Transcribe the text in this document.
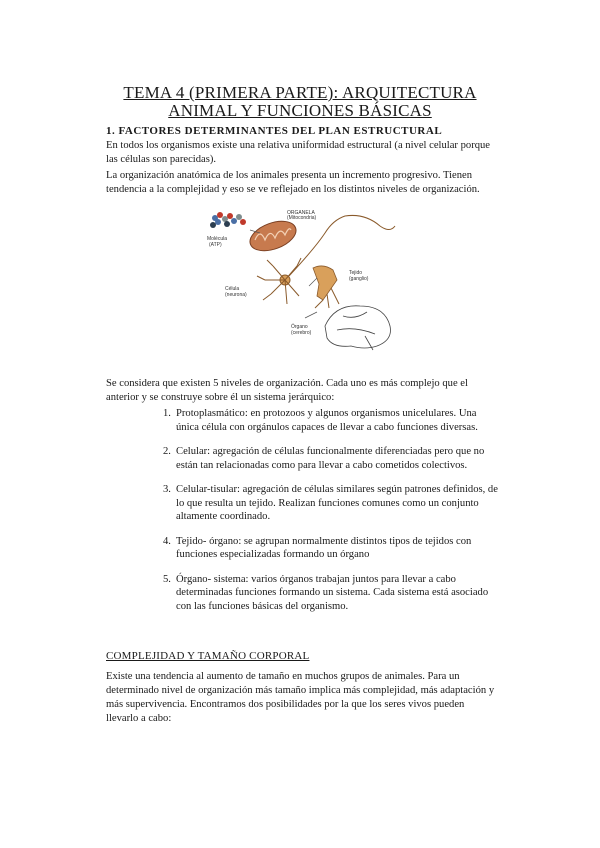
TEMA 4 (PRIMERA PARTE): ARQUITECTURA
ANIMAL Y FUNCIONES BÁSICAS
1. FACTORES DETERMINANTES DEL PLAN ESTRUCTURAL
En todos los organismos existe una relativa uniformidad estructural (a nivel celular porque las células son parecidas).
La organización anatómica de los animales presenta un incremento progresivo. Tienen tendencia a la complejidad y eso se ve reflejado en los distintos niveles de organización.
Molécula
(ATP)
ORGANELA
(Mitocondria)
Célula
(neurona)
Tejido
(ganglio)
Órgano
(cerebro)
Se considera que existen 5 niveles de organización. Cada uno es más complejo que el anterior y se construye sobre él un sistema jerárquico:
1. Protoplasmático: en protozoos y algunos organismos unicelulares. Una única célula con orgánulos capaces de llevar a cabo funciones diversas.
2. Celular: agregación de células funcionalmente diferenciadas pero que no están tan relacionadas como para llevar a cabo cometidos colectivos.
3. Celular-tisular: agregación de células similares según patrones definidos, de lo que resulta un tejido. Realizan funciones comunes como un conjunto altamente coordinado.
4. Tejido- órgano: se agrupan normalmente distintos tipos de tejidos con funciones especializadas formando un órgano
5. Órgano- sistema: varios órganos trabajan juntos para llevar a cabo determinadas funciones formando un sistema. Cada sistema está asociado con las funciones básicas del organismo.
COMPLEJIDAD Y TAMAÑO CORPORAL
Existe una tendencia al aumento de tamaño en muchos grupos de animales. Para un determinado nivel de organización más tamaño implica más complejidad, más adaptación y más supervivencia. Encontramos dos posibilidades por la que los seres vivos pueden llevarlo a cabo:
